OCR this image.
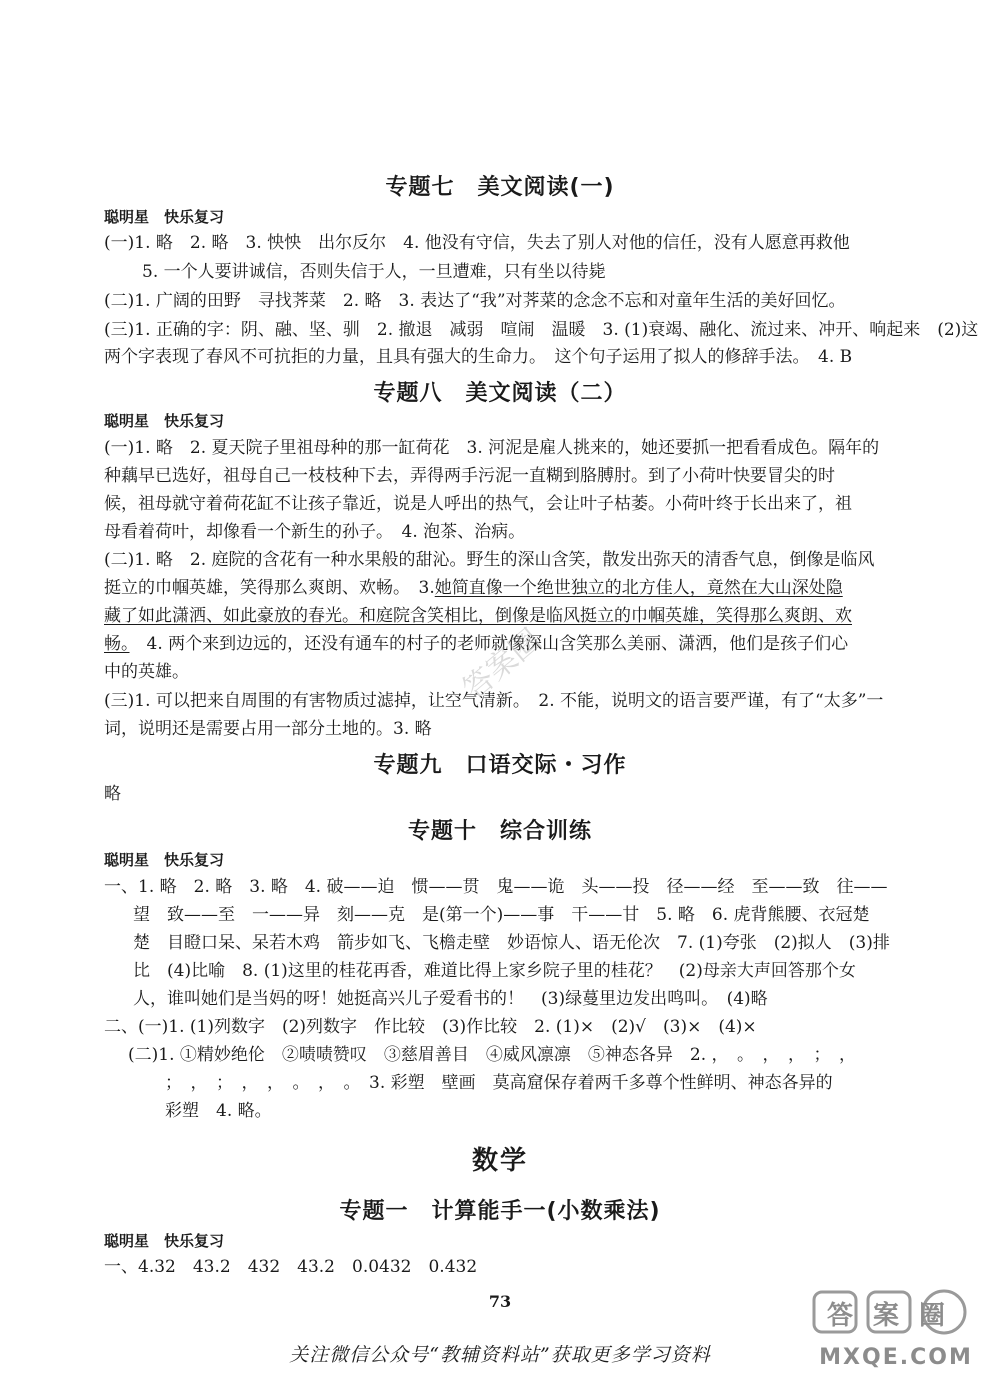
专题七　美文阅读(一)
聪明星　快乐复习
(一)1. 略　2. 略　3. 怏怏　出尔反尔　4. 他没有守信，失去了别人对他的信任，没有人愿意再救他
5. 一个人要讲诚信，否则失信于人，一旦遭难，只有坐以待毙
(二)1. 广阔的田野　寻找荠菜　2. 略　3. 表达了“我”对荠菜的念念不忘和对童年生活的美好回忆。
(三)1. 正确的字：阴、融、坚、驯　2. 撤退　减弱　喧闹　温暖　3. (1)衰竭、融化、流过来、冲开、响起来　(2)这
两个字表现了春风不可抗拒的力量，且具有强大的生命力。　这个句子运用了拟人的修辞手法。　4. B
专题八　美文阅读（二）
聪明星　快乐复习
(一)1. 略　2. 夏天院子里祖母种的那一缸荷花　3. 河泥是雇人挑来的，她还要抓一把看看成色。隔年的
种藕早已选好，祖母自己一枝枝种下去，弄得两手污泥一直糊到胳膊肘。到了小荷叶快要冒尖的时
候，祖母就守着荷花缸不让孩子靠近，说是人呼出的热气，会让叶子枯萎。小荷叶终于长出来了，祖
母看着荷叶，却像看一个新生的孙子。　4. 泡茶、治病。
(二)1. 略　2. 庭院的含花有一种水果般的甜沁。野生的深山含笑，散发出弥天的清香气息，倒像是临风
挺立的巾帼英雄，笑得那么爽朗、欢畅。　3.她简直像一个绝世独立的北方佳人，竟然在大山深处隐
藏了如此潇洒、如此豪放的春光。和庭院含笑相比，倒像是临风挺立的巾帼英雄，笑得那么爽朗、欢
畅。　4. 两个来到边远的，还没有通车的村子的老师就像深山含笑那么美丽、潇洒，他们是孩子们心
中的英雄。
(三)1. 可以把来自周围的有害物质过滤掉，让空气清新。　2. 不能，说明文的语言要严谨，有了“太多”一
词，说明还是需要占用一部分土地的。3. 略
专题九　口语交际・习作
略
专题十　综合训练
聪明星　快乐复习
一、1. 略　2. 略　3. 略　4. 破——迫　惯——贯　鬼——诡　头——投　径——经　至——致　往——
望　致——至　一——异　刻——克　是(第一个)——事　干——甘　5. 略　6. 虎背熊腰、衣冠楚
楚　目瞪口呆、呆若木鸡　箭步如飞、飞檐走壁　妙语惊人、语无伦次　7. (1)夸张　(2)拟人　(3)排
比　(4)比喻　8. (1)这里的桂花再香，难道比得上家乡院子里的桂花？　(2)母亲大声回答那个女
人，谁叫她们是当妈的呀！她挺高兴儿子爱看书的！　(3)绿蔓里边发出鸣叫。　(4)略
二、(一)1. (1)列数字　(2)列数字　作比较　(3)作比较　2. (1)×　(2)√　(3)×　(4)×
(二)1. ①精妙绝伦　②啧啧赞叹　③慈眉善目　④威风凛凛　⑤神态各异　2. ，　。　，　，　；　，
；　，　；　，　，　。　，　。　3. 彩塑　壁画　莫高窟保存着两千多尊个性鲜明、神态各异的
彩塑　4. 略。
数学
专题一　计算能手一(小数乘法)
聪明星　快乐复习
一、4.32　43.2　432　43.2　0.0432　0.432
答案圈
73
关注微信公众号“教辅资料站”获取更多学习资料
答案圈
MXQE.COM
